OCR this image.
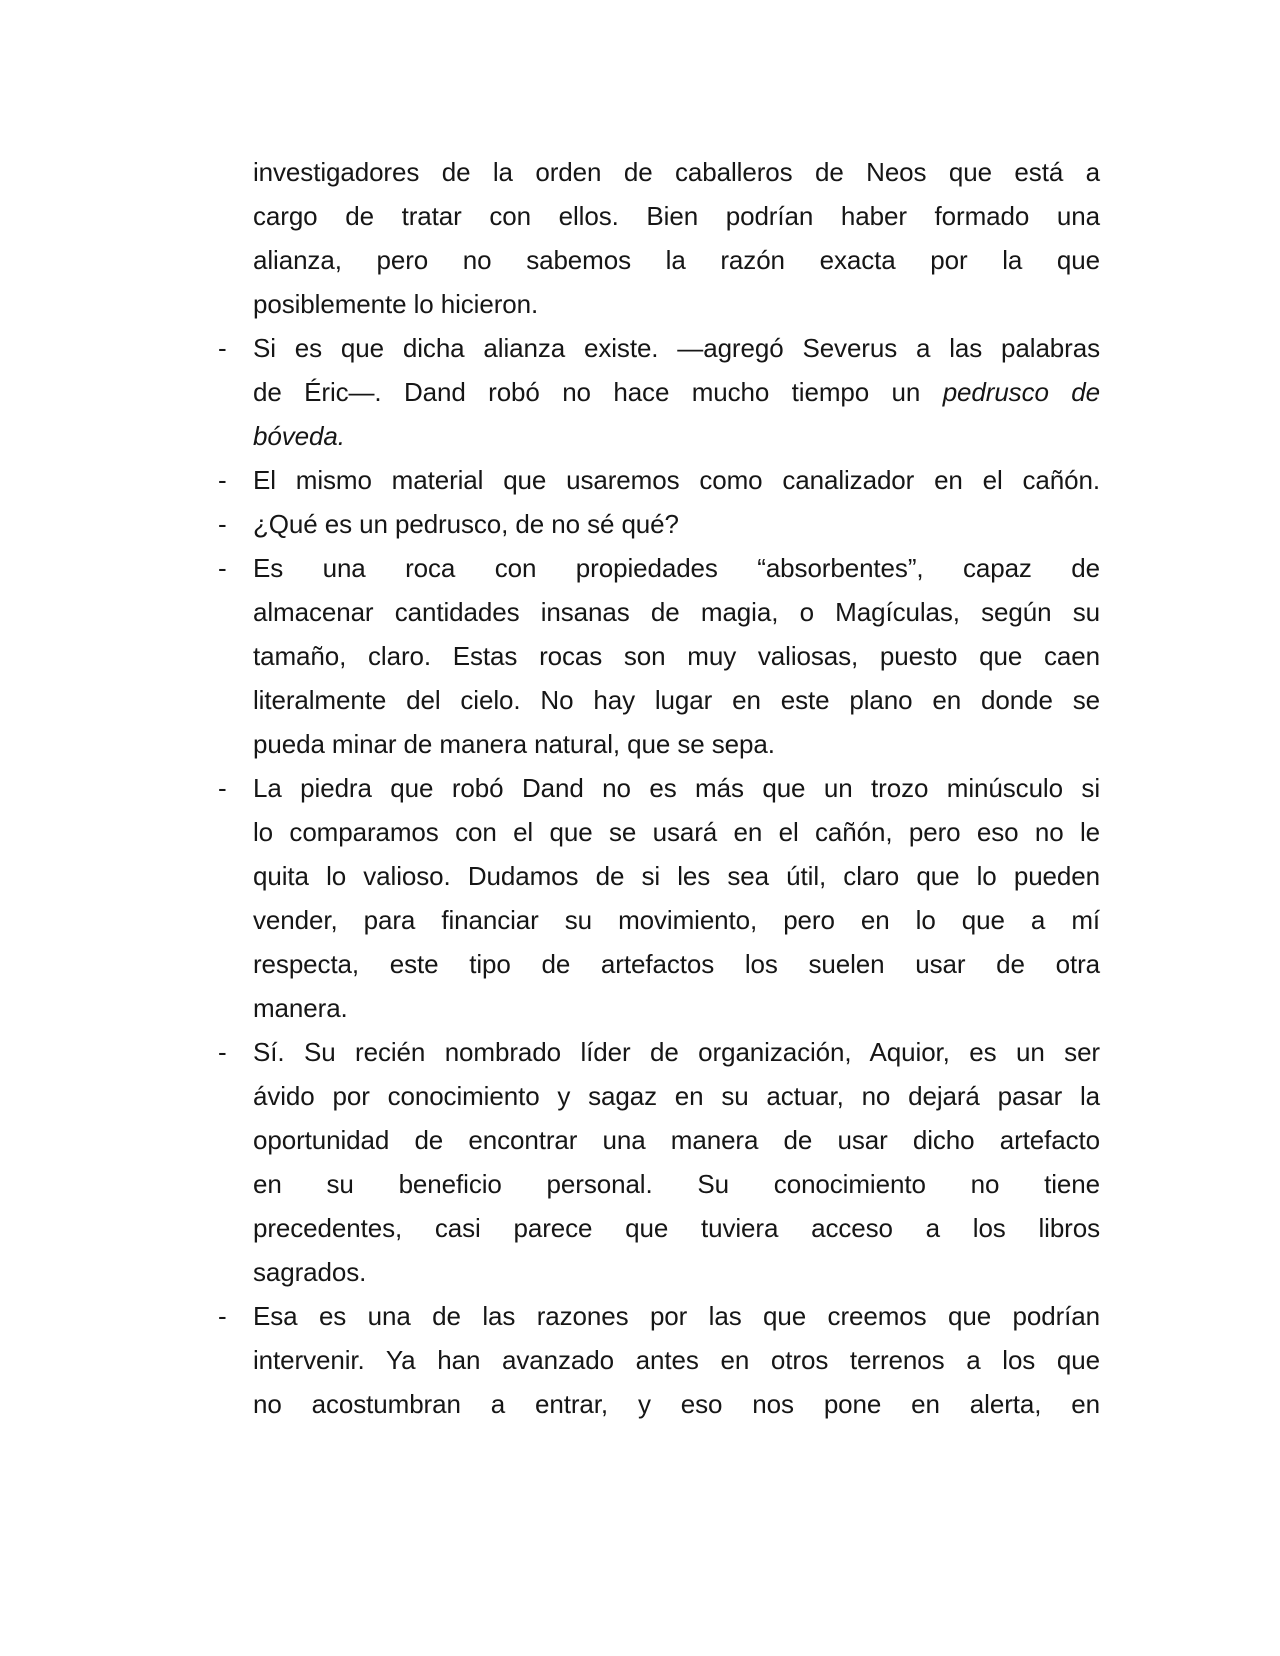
investigadores de la orden de caballeros de Neos que está a
cargo de tratar con ellos. Bien podrían haber formado una
alianza, pero no sabemos la razón exacta por la que
posiblemente lo hicieron.
-	Si es que dicha alianza existe. —agregó Severus a las palabras
de Éric—. Dand robó no hace mucho tiempo un pedrusco de
bóveda.
-	El mismo material que usaremos como canalizador en el cañón.
-	¿Qué es un pedrusco, de no sé qué?
-	Es una roca con propiedades “absorbentes”, capaz de
almacenar cantidades insanas de magia, o Magículas, según su
tamaño, claro. Estas rocas son muy valiosas, puesto que caen
literalmente del cielo. No hay lugar en este plano en donde se
pueda minar de manera natural, que se sepa.
-	La piedra que robó Dand no es más que un trozo minúsculo si
lo comparamos con el que se usará en el cañón, pero eso no le
quita lo valioso. Dudamos de si les sea útil, claro que lo pueden
vender, para financiar su movimiento, pero en lo que a mí
respecta, este tipo de artefactos los suelen usar de otra
manera.
-	Sí. Su recién nombrado líder de organización, Aquior, es un ser
ávido por conocimiento y sagaz en su actuar, no dejará pasar la
oportunidad de encontrar una manera de usar dicho artefacto
en su beneficio personal. Su conocimiento no tiene
precedentes, casi parece que tuviera acceso a los libros
sagrados.
-	Esa es una de las razones por las que creemos que podrían
intervenir. Ya han avanzado antes en otros terrenos a los que
no acostumbran a entrar, y eso nos pone en alerta, en
